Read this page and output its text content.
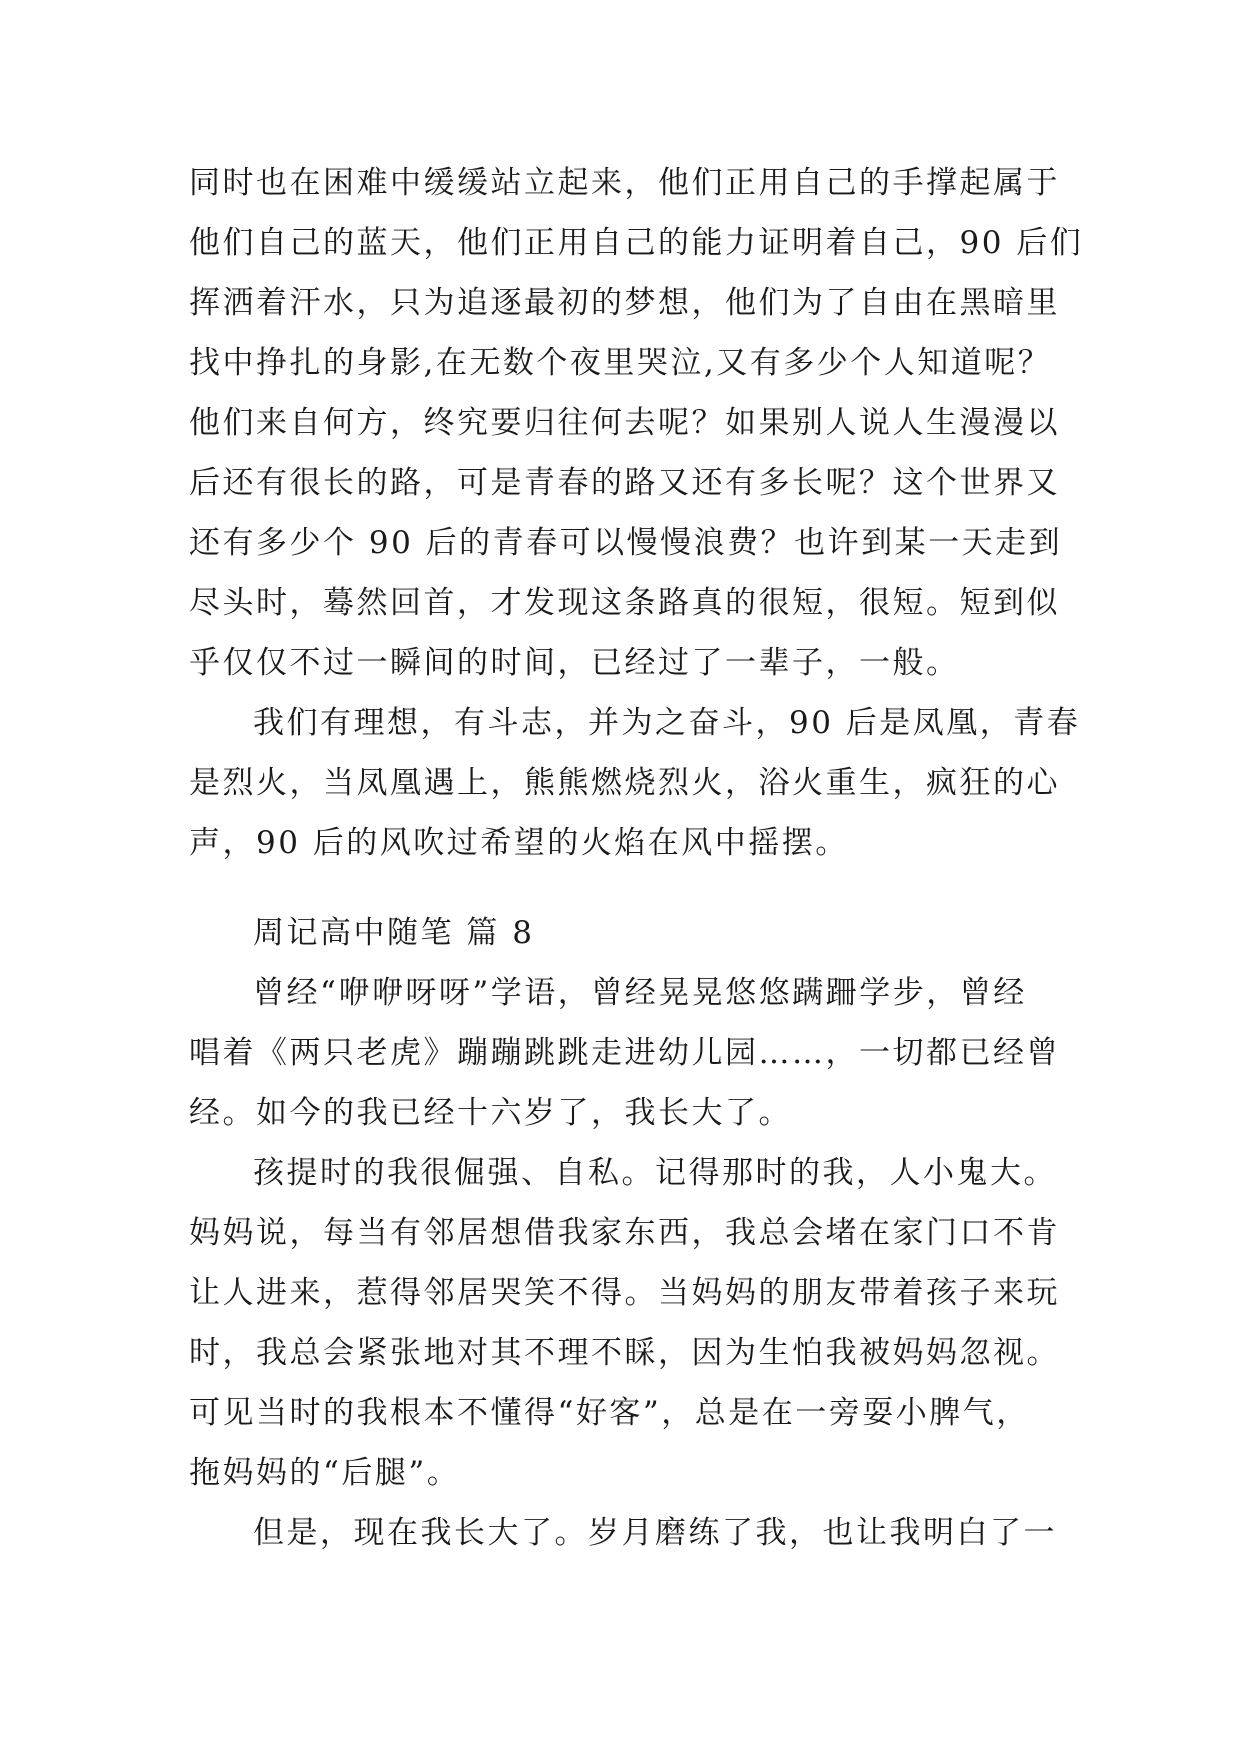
同时也在困难中缓缓站立起来，他们正用自己的手撑起属于
他们自己的蓝天，他们正用自己的能力证明着自己，90 后们
挥洒着汗水，只为追逐最初的梦想，他们为了自由在黑暗里
找中挣扎的身影,在无数个夜里哭泣,又有多少个人知道呢？
他们来自何方，终究要归往何去呢？如果别人说人生漫漫以
后还有很长的路，可是青春的路又还有多长呢？这个世界又
还有多少个 90 后的青春可以慢慢浪费？也许到某一天走到
尽头时，蓦然回首，才发现这条路真的很短，很短。短到似
乎仅仅不过一瞬间的时间，已经过了一辈子，一般。
我们有理想，有斗志，并为之奋斗，90 后是凤凰，青春
是烈火，当凤凰遇上，熊熊燃烧烈火，浴火重生，疯狂的心
声，90 后的风吹过希望的火焰在风中摇摆。
周记高中随笔 篇 8
曾经“咿咿呀呀”学语，曾经晃晃悠悠蹒跚学步，曾经
唱着《两只老虎》蹦蹦跳跳走进幼儿园……，一切都已经曾
经。如今的我已经十六岁了，我长大了。
孩提时的我很倔强、自私。记得那时的我，人小鬼大。
妈妈说，每当有邻居想借我家东西，我总会堵在家门口不肯
让人进来，惹得邻居哭笑不得。当妈妈的朋友带着孩子来玩
时，我总会紧张地对其不理不睬，因为生怕我被妈妈忽视。
可见当时的我根本不懂得“好客”，总是在一旁耍小脾气，
拖妈妈的“后腿”。
但是，现在我长大了。岁月磨练了我，也让我明白了一
